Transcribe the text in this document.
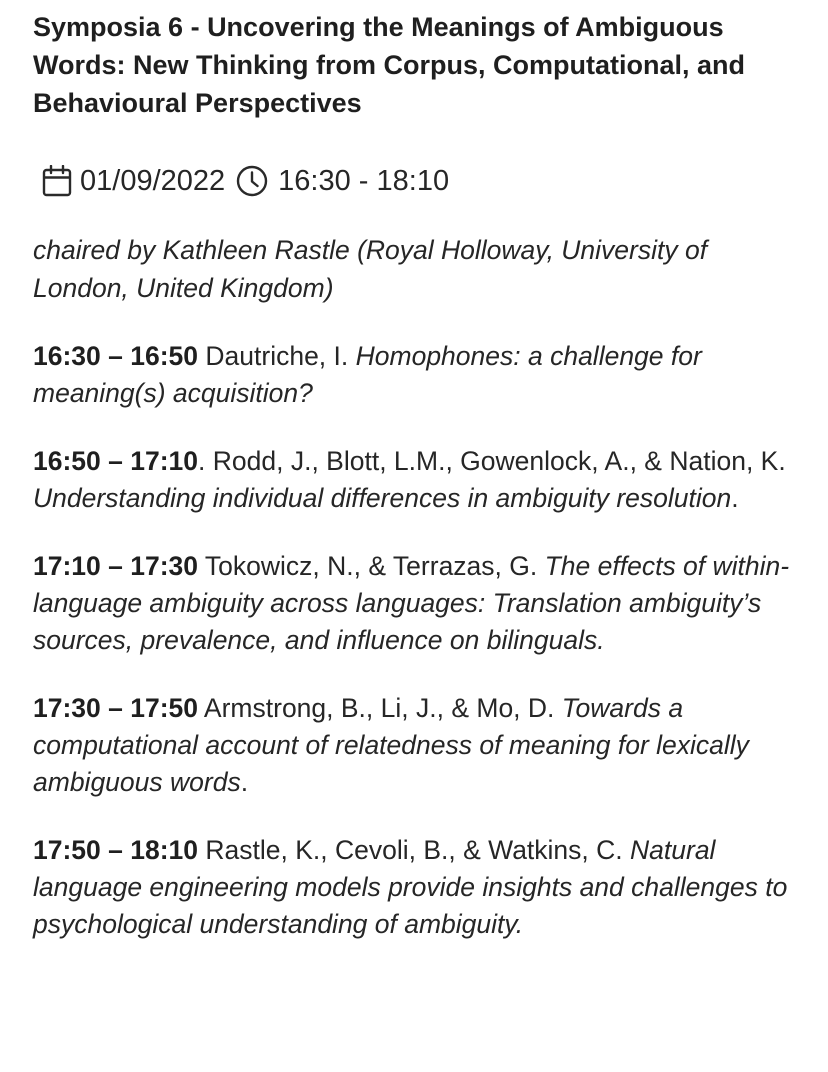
Symposia 6 - Uncovering the Meanings of Ambiguous Words: New Thinking from Corpus, Computational, and Behavioural Perspectives
01/09/2022 16:30 - 18:10
chaired by Kathleen Rastle (Royal Holloway, University of London, United Kingdom)
16:30 – 16:50 Dautriche, I. Homophones: a challenge for meaning(s) acquisition?
16:50 – 17:10. Rodd, J., Blott, L.M., Gowenlock, A., & Nation, K. Understanding individual differences in ambiguity resolution.
17:10 – 17:30 Tokowicz, N., & Terrazas, G. The effects of within-language ambiguity across languages: Translation ambiguity’s sources, prevalence, and influence on bilinguals.
17:30 – 17:50 Armstrong, B., Li, J., & Mo, D. Towards a computational account of relatedness of meaning for lexically ambiguous words.
17:50 – 18:10 Rastle, K., Cevoli, B., & Watkins, C. Natural language engineering models provide insights and challenges to psychological understanding of ambiguity.
